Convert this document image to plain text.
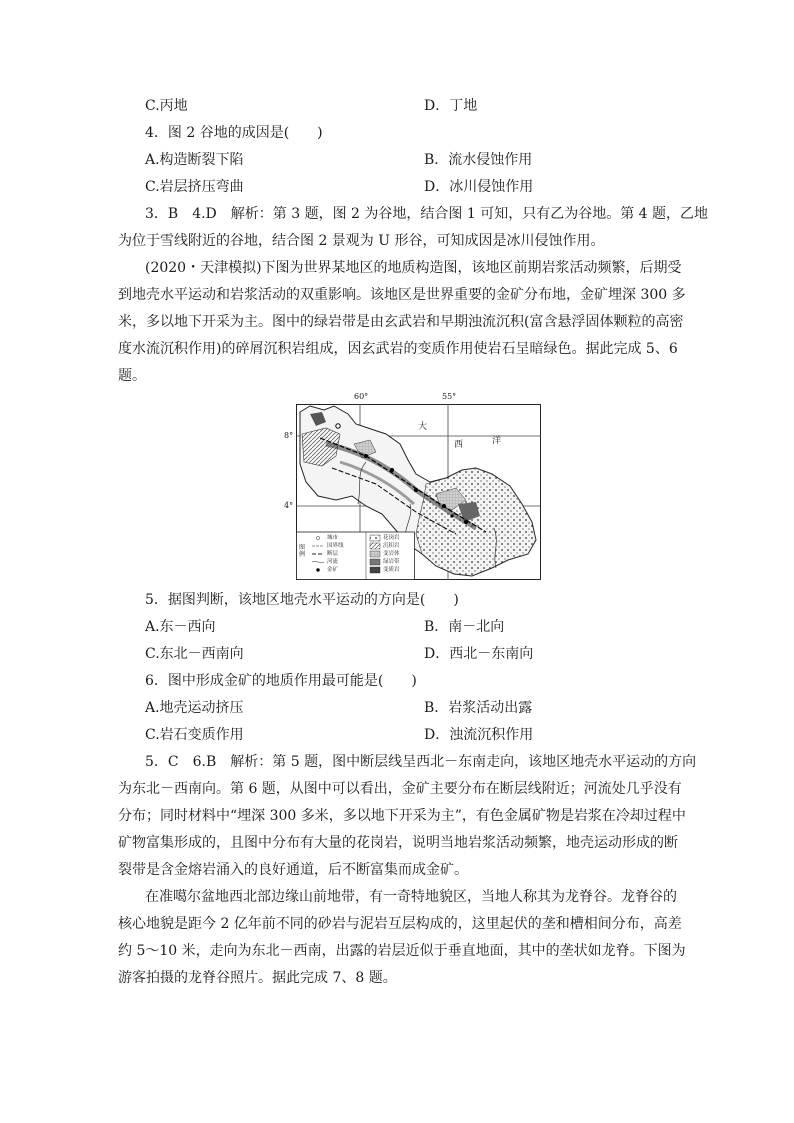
C.丙地	D．丁地
4．图 2 谷地的成因是(　　)
A.构造断裂下陷	B．流水侵蚀作用
C.岩层挤压弯曲	D．冰川侵蚀作用
3．B　4.D　解析：第 3 题，图 2 为谷地，结合图 1 可知，只有乙为谷地。第 4 题，乙地
为位于雪线附近的谷地，结合图 2 景观为 U 形谷，可知成因是冰川侵蚀作用。
(2020・天津模拟)下图为世界某地区的地质构造图，该地区前期岩浆活动频繁，后期受
到地壳水平运动和岩浆活动的双重影响。该地区是世界重要的金矿分布地，金矿埋深 300 多
米，多以地下开采为主。图中的绿岩带是由玄武岩和早期浊流沉积(富含悬浮固体颗粒的高密
度水流沉积作用)的碎屑沉积岩组成，因玄武岩的变质作用使岩石呈暗绿色。据此完成 5、6
题。
60°	55°
8°
4°
大
西	洋
图例
城市
国界线
断层
河流
金矿
花岗岩
沉积岩
变岩体
绿岩带
变质岩
5．据图判断，该地区地壳水平运动的方向是(　　)
A.东－西向	B．南－北向
C.东北－西南向	D．西北－东南向
6．图中形成金矿的地质作用最可能是(　　)
A.地壳运动挤压	B．岩浆活动出露
C.岩石变质作用	D．浊流沉积作用
5．C　6.B　解析：第 5 题，图中断层线呈西北－东南走向，该地区地壳水平运动的方向
为东北－西南向。第 6 题，从图中可以看出，金矿主要分布在断层线附近；河流处几乎没有
分布；同时材料中“埋深 300 多米，多以地下开采为主”，有色金属矿物是岩浆在冷却过程中
矿物富集形成的，且图中分布有大量的花岗岩，说明当地岩浆活动频繁，地壳运动形成的断
裂带是含金熔岩涌入的良好通道，后不断富集而成金矿。
在准噶尔盆地西北部边缘山前地带，有一奇特地貌区，当地人称其为龙脊谷。龙脊谷的
核心地貌是距今 2 亿年前不同的砂岩与泥岩互层构成的，这里起伏的垄和槽相间分布，高差
约 5～10 米，走向为东北－西南，出露的岩层近似于垂直地面，其中的垄状如龙脊。下图为
游客拍摄的龙脊谷照片。据此完成 7、8 题。
